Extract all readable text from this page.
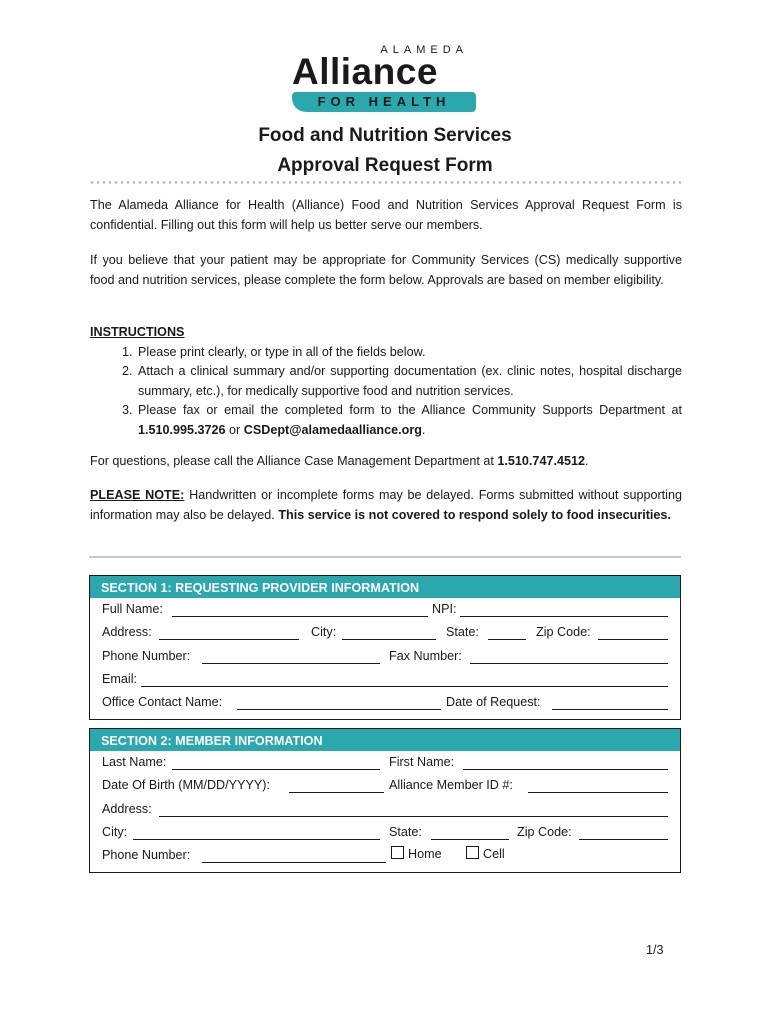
ALAMEDA
Alliance
FOR HEALTH
Food and Nutrition Services
Approval Request Form
The Alameda Alliance for Health (Alliance) Food and Nutrition Services Approval Request Form is confidential. Filling out this form will help us better serve our members.
If you believe that your patient may be appropriate for Community Services (CS) medically supportive food and nutrition services, please complete the form below. Approvals are based on member eligibility.
INSTRUCTIONS
1. Please print clearly, or type in all of the fields below.
2. Attach a clinical summary and/or supporting documentation (ex. clinic notes, hospital discharge summary, etc.), for medically supportive food and nutrition services.
3. Please fax or email the completed form to the Alliance Community Supports Department at 1.510.995.3726 or CSDept@alamedaalliance.org.
For questions, please call the Alliance Case Management Department at 1.510.747.4512.
PLEASE NOTE: Handwritten or incomplete forms may be delayed. Forms submitted without supporting information may also be delayed. This service is not covered to respond solely to food insecurities.
SECTION 1: REQUESTING PROVIDER INFORMATION
Full Name:	NPI:
Address:	City:	State:	Zip Code:
Phone Number:	Fax Number:
Email:
Office Contact Name:	Date of Request:
SECTION 2: MEMBER INFORMATION
Last Name:	First Name:
Date Of Birth (MM/DD/YYYY):	Alliance Member ID #:
Address:
City:	State:	Zip Code:
Phone Number:	Home	Cell
1/3
